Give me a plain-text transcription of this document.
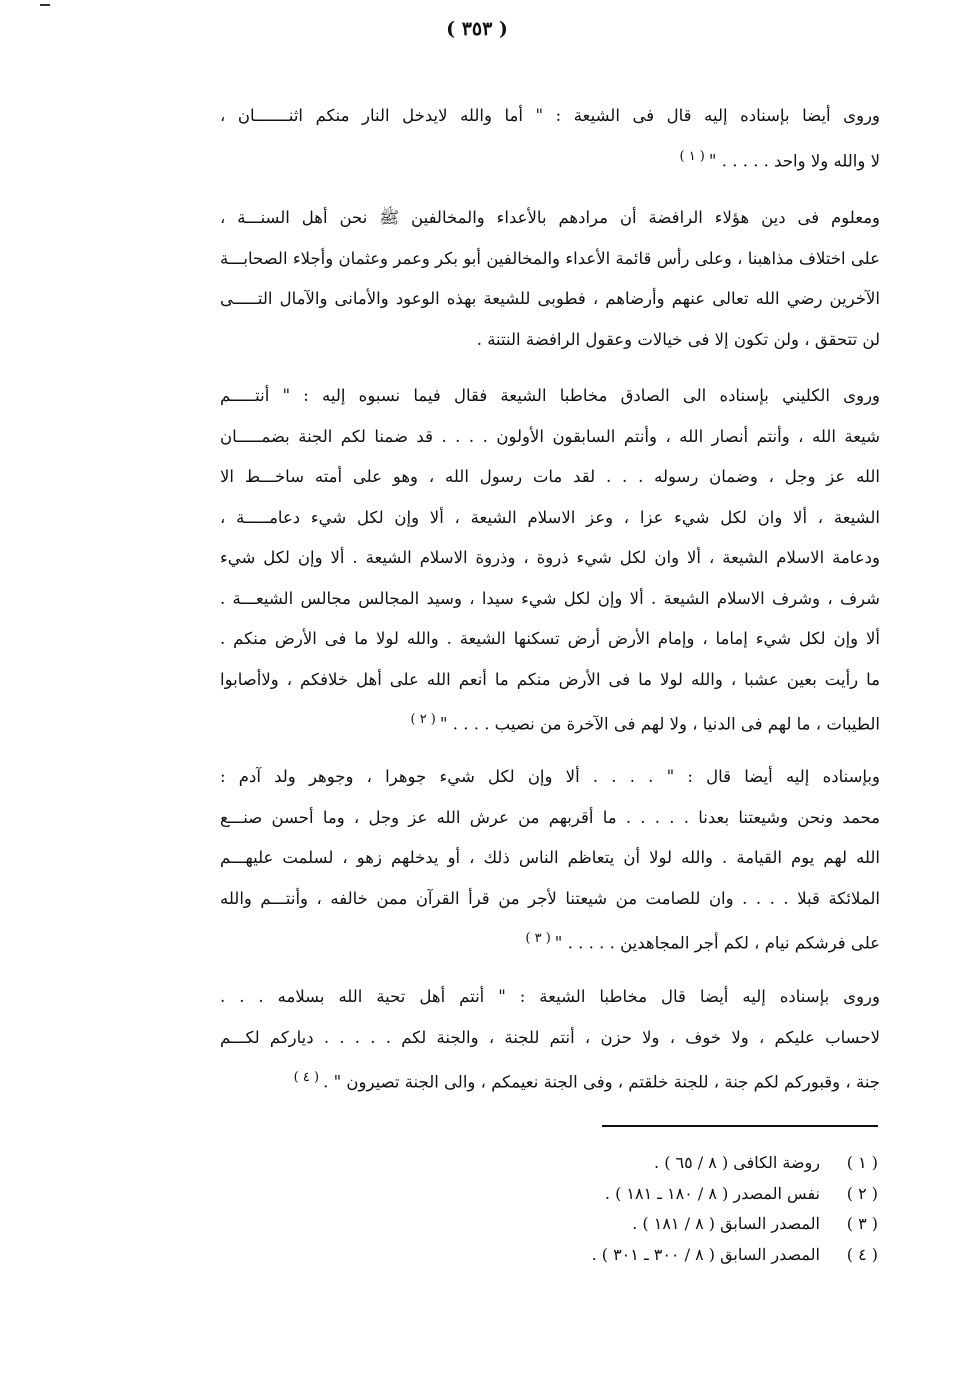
( ٣٥٣ )
وروى أيضا بإسناده إليه قال فى الشيعة : " أما والله لايدخل النار منكم اثنـــــــان ،
لا والله ولا واحد . . . . . "$^{( ١ )}$
ومعلوم فى دين هؤلاء الرافضة أن مرادهم بالأعداء والمخالفين ﷺ نحن أهل السنـــة ،
على اختلاف مذاهبنا ، وعلى رأس قائمة الأعداء والمخالفين أبو بكر وعمر وعثمان وأجلاء الصحابـــة
الآخرين رضي الله تعالى عنهم وأرضاهم ، فطوبى للشيعة بهذه الوعود والأمانى والآمال التـــــى
لن تتحقق ، ولن تكون إلا فى خيالات وعقول الرافضة النتنة .
وروى الكليني بإسناده الى الصادق مخاطبا الشيعة فقال فيما نسبوه إليه : " أنتـــــم
شيعة الله ، وأنتم أنصار الله ، وأنتم السابقون الأولون . . . . قد ضمنا لكم الجنة بضمـــــان
الله عز وجل ، وضمان رسوله . . . لقد مات رسول الله ، وهو على أمته ساخـــط الا
الشيعة ، ألا وان لكل شيء عزا ، وعز الاسلام الشيعة ، ألا وإن لكل شيء دعامـــــة ،
ودعامة الاسلام الشيعة ، ألا وان لكل شيء ذروة ، وذروة الاسلام الشيعة . ألا وإن لكل شيء
شرف ، وشرف الاسلام الشيعة . ألا وإن لكل شيء سيدا ، وسيد المجالس مجالس الشيعـــة .
ألا وإن لكل شيء إماما ، وإمام الأرض أرض تسكنها الشيعة . والله لولا ما فى الأرض منكم .
ما رأيت بعين عشبا ، والله لولا ما فى الأرض منكم ما أنعم الله على أهل خلافكم ، ولاأصابوا
الطيبات ، ما لهم فى الدنيا ، ولا لهم فى الآخرة من نصيب . . . . "$^{( ٢ )}$
وبإسناده إليه أيضا قال : " . . . . ألا وإن لكل شيء جوهرا ، وجوهر ولد آدم :
محمد ونحن وشيعتنا بعدنا . . . . . ما أقربهم من عرش الله عز وجل ، وما أحسن صنـــع
الله لهم يوم القيامة . والله لولا أن يتعاظم الناس ذلك ، أو يدخلهم زهو ، لسلمت عليهـــم
الملائكة قبلا . . . . وان للصامت من شيعتنا لأجر من قرأ القرآن ممن خالفه ، وأنتـــم والله
على فرشكم نيام ، لكم أجر المجاهدين . . . . . "$^{( ٣ )}$
وروى بإسناده إليه أيضا قال مخاطبا الشيعة : " أنتم أهل تحية الله بسلامه . . .
لاحساب عليكم ، ولا خوف ، ولا حزن ، أنتم للجنة ، والجنة لكم . . . . . دياركم لكـــم
جنة ، وقبوركم لكم جنة ، للجنة خلقتم ، وفى الجنة نعيمكم ، والى الجنة تصيرون " .$^{( ٤ )}$
( ١ )روضة الكافى ( ٨ / ٦٥ ) .
( ٢ )نفس المصدر ( ٨ / ١٨٠ ـ ١٨١ ) .
( ٣ )المصدر السابق ( ٨ / ١٨١ ) .
( ٤ )المصدر السابق ( ٨ / ٣٠٠ ـ ٣٠١ ) .
